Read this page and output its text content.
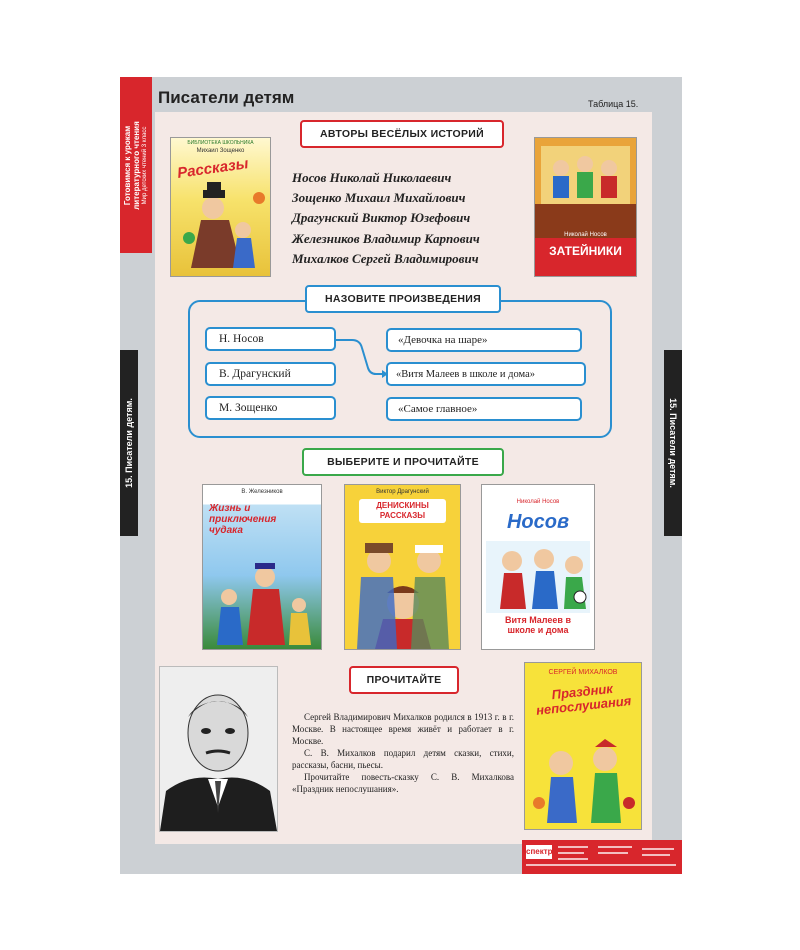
Готовимся к урокам литературного чтения Мир детских чтений 3 класс
Писатели детям	Таблица 15.
15. Писатели детям.	15. Писатели детям.
АВТОРЫ ВЕСЁЛЫХ ИСТОРИЙ
БИБЛИОТЕКА ШКОЛЬНИКА
Михаил Зощенко
Рассказы	Носов Николай Николаевич
Зощенко Михаил Михайлович
Драгунский Виктор Юзефович
Железников Владимир Карпович
Михалков Сергей Владимирович
Николай Носов
ЗАТЕЙНИКИ
НАЗОВИТЕ ПРОИЗВЕДЕНИЯ
Н. Носов
В. Драгунский
М. Зощенко
«Девочка на шаре»
«Витя Малеев в школе и дома»
«Самое главное»
ВЫБЕРИТЕ И ПРОЧИТАЙТЕ
В. Железников
Жизнь и приключения чудака
Виктор Драгунский
ДЕНИСКИНЫ РАССКАЗЫ
Николай Носов
Носов
Витя Малеев в школе и дома
ПРОЧИТАЙТЕ

Сергей Владимирович Михалков родился в 1913 г. в г. Москве. В настоящее время живёт и работает в г. Москве.

С. В. Михалков подарил детям сказки, стихи, рассказы, басни, пьесы.

Прочитайте повесть-сказку С. В. Михалкова «Праздник непослушания».

СЕРГЕЙ МИХАЛКОВ
Праздник непослушания
спектр
